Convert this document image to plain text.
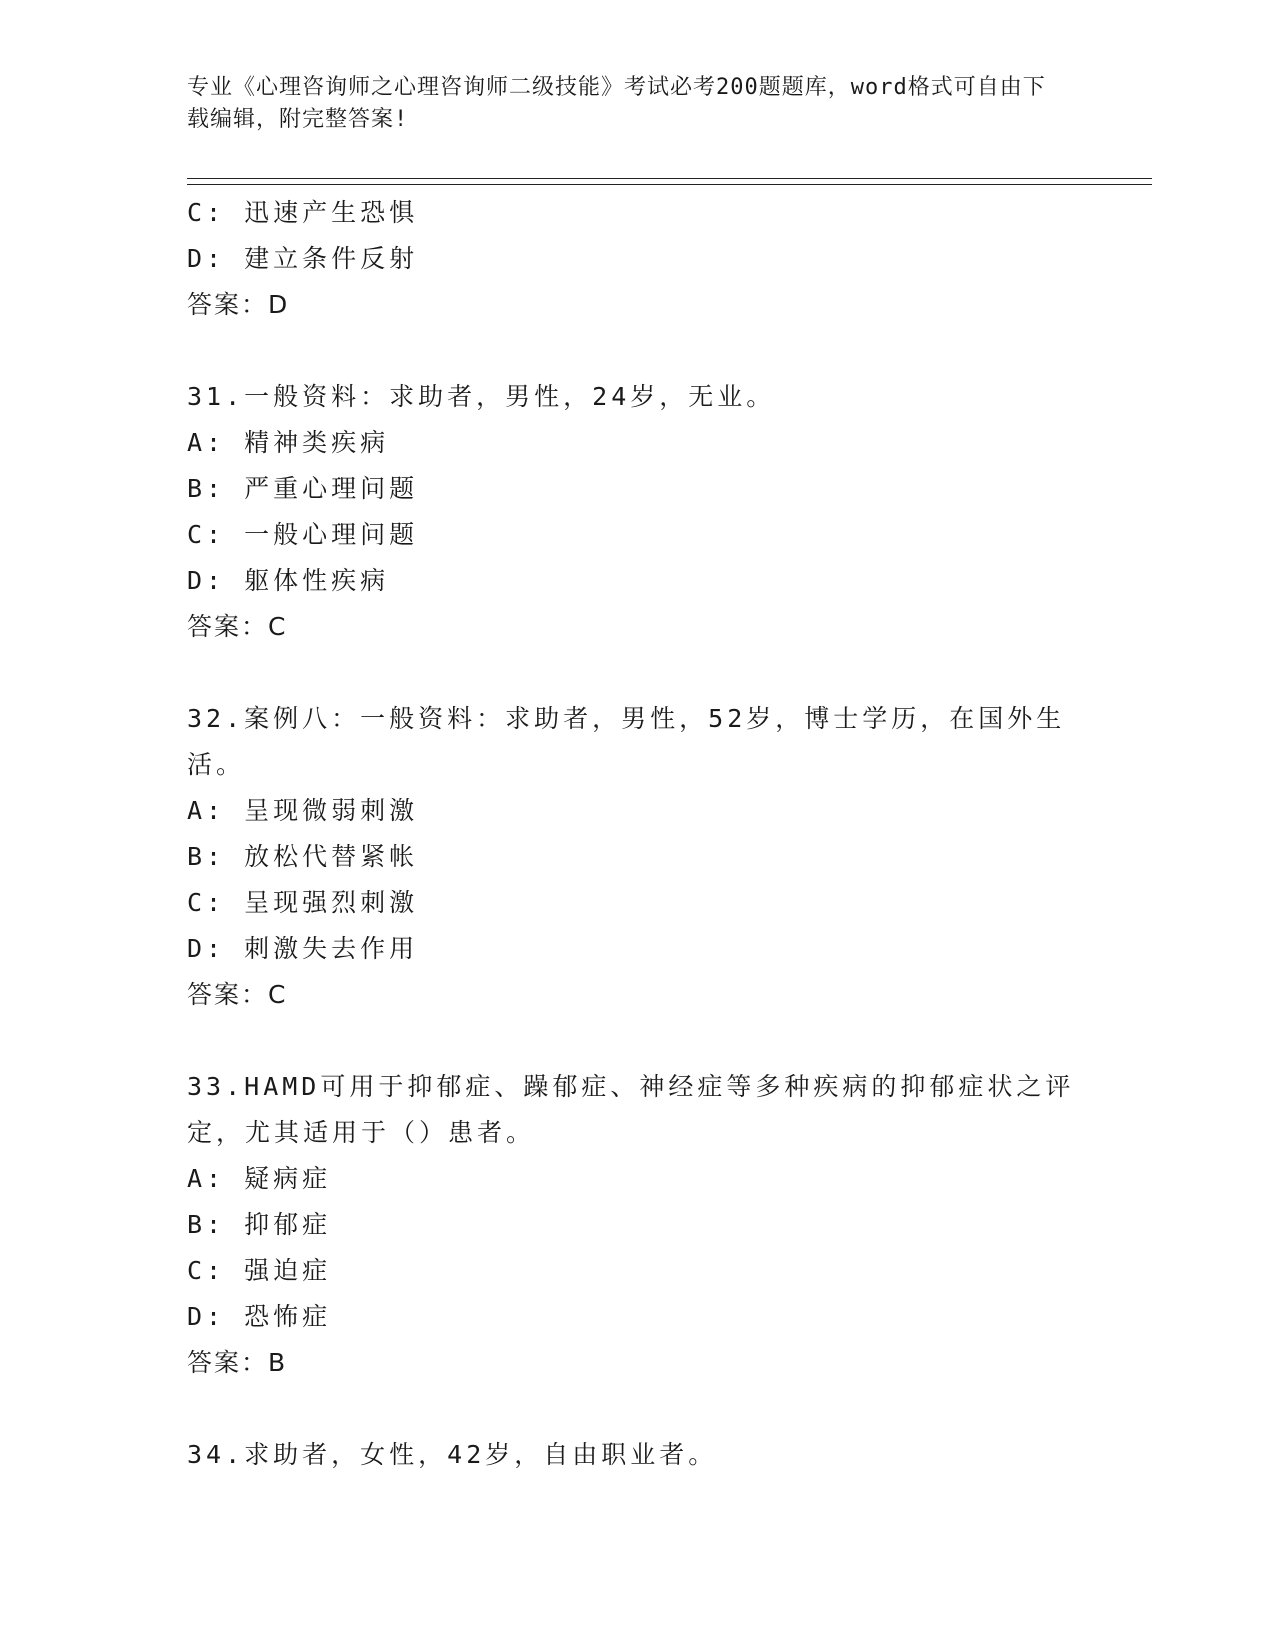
专业《心理咨询师之心理咨询师二级技能》考试必考200题题库，word格式可自由下载编辑，附完整答案!
C: 迅速产生恐惧
D: 建立条件反射
答案：D
31.一般资料：求助者，男性，24岁，无业。
A: 精神类疾病
B: 严重心理问题
C: 一般心理问题
D: 躯体性疾病
答案：C
32.案例八：一般资料：求助者，男性，52岁，博士学历，在国外生活。
A: 呈现微弱刺激
B: 放松代替紧帐
C: 呈现强烈刺激
D: 刺激失去作用
答案：C
33.HAMD可用于抑郁症、躁郁症、神经症等多种疾病的抑郁症状之评定，尤其适用于（）患者。
A: 疑病症
B: 抑郁症
C: 强迫症
D: 恐怖症
答案：B
34.求助者，女性，42岁，自由职业者。
